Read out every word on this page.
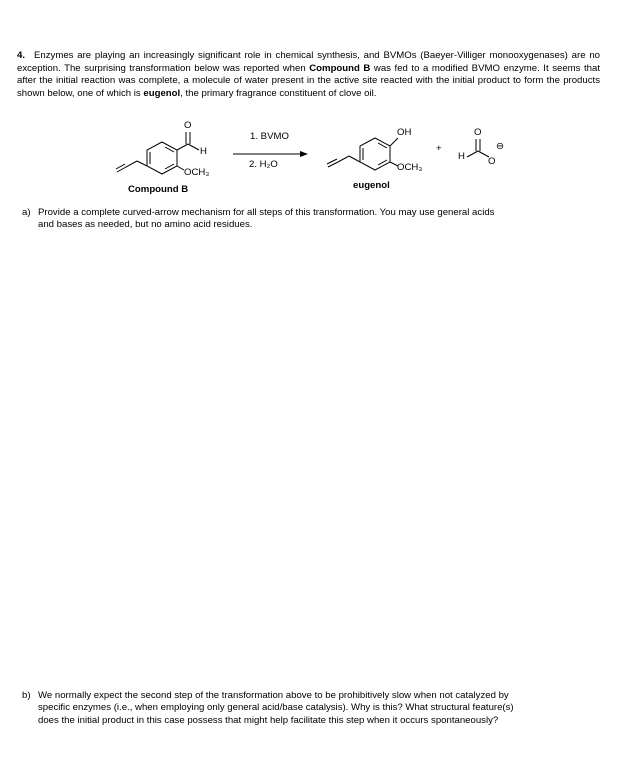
4. Enzymes are playing an increasingly significant role in chemical synthesis, and BVMOs (Baeyer-Villiger monooxygenases) are no exception. The surprising transformation below was reported when Compound B was fed to a modified BVMO enzyme. It seems that after the initial reaction was complete, a molecule of water present in the active site reacted with the initial product to form the products shown below, one of which is eugenol, the primary fragrance constituent of clove oil.
O
H
OCH₃
1. BVMO
2. H₂O
OH
OCH₃
+
H
O
O
⊖
Compound B	eugenol
a) Provide a complete curved-arrow mechanism for all steps of this transformation. You may use general acids
and bases as needed, but no amino acid residues.
b) We normally expect the second step of the transformation above to be prohibitively slow when not catalyzed by
specific enzymes (i.e., when employing only general acid/base catalysis). Why is this? What structural feature(s)
does the initial product in this case possess that might help facilitate this step when it occurs spontaneously?
